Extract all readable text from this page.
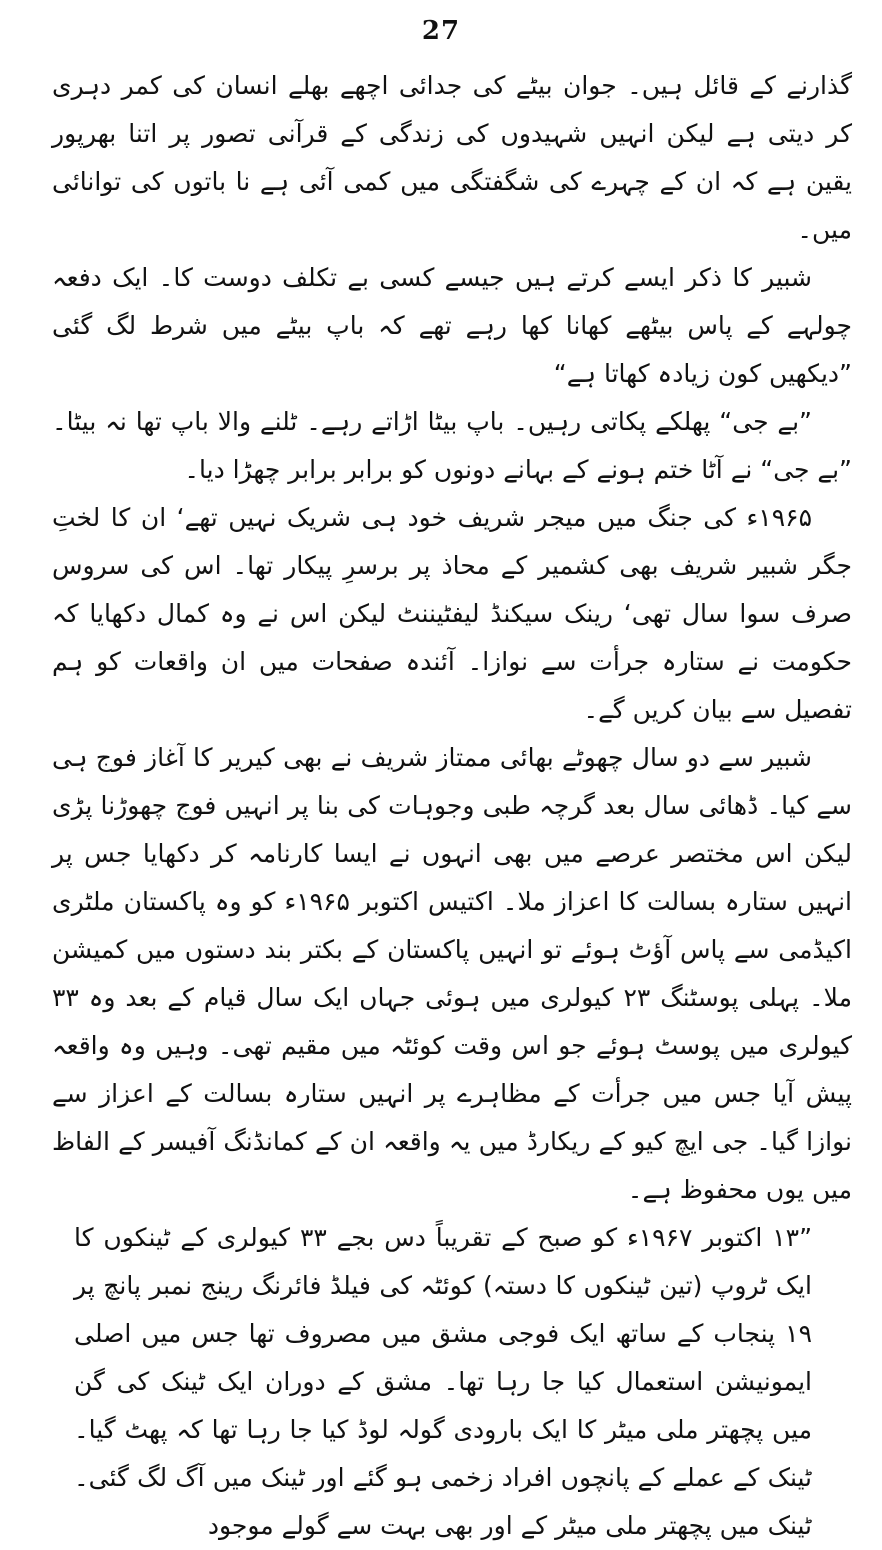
27

گذارنے کے قائل ہیں۔ جوان بیٹے کی جدائی اچھے بھلے انسان کی کمر دہری کر دیتی ہے لیکن انہیں شہیدوں کی زندگی کے قرآنی تصور پر اتنا بھرپور یقین ہے کہ ان کے چہرے کی شگفتگی میں کمی آئی ہے نا باتوں کی توانائی میں۔

شبیر کا ذکر ایسے کرتے ہیں جیسے کسی بے تکلف دوست کا۔ ایک دفعہ چولہے کے پاس بیٹھے کھانا کھا رہے تھے کہ باپ بیٹے میں شرط لگ گئی ”دیکھیں کون زیادہ کھاتا ہے“

”بے جی“ پھلکے پکاتی رہیں۔ باپ بیٹا اڑاتے رہے۔ ٹلنے والا باپ تھا نہ بیٹا۔ ”بے جی“ نے آٹا ختم ہونے کے بہانے دونوں کو برابر برابر چھڑا دیا۔

۱۹۶۵ء کی جنگ میں میجر شریف خود ہی شریک نہیں تھے‘ ان کا لختِ جگر شبیر شریف بھی کشمیر کے محاذ پر برسرِ پیکار تھا۔ اس کی سروس صرف سوا سال تھی‘ رینک سیکنڈ لیفٹیننٹ لیکن اس نے وہ کمال دکھایا کہ حکومت نے ستارہ جرأت سے نوازا۔ آئندہ صفحات میں ان واقعات کو ہم تفصیل سے بیان کریں گے۔

شبیر سے دو سال چھوٹے بھائی ممتاز شریف نے بھی کیریر کا آغاز فوج ہی سے کیا۔ ڈھائی سال بعد گرچہ طبی وجوہات کی بنا پر انہیں فوج چھوڑنا پڑی لیکن اس مختصر عرصے میں بھی انہوں نے ایسا کارنامہ کر دکھایا جس پر انہیں ستارہ بسالت کا اعزاز ملا۔ اکتیس اکتوبر ۱۹۶۵ء کو وہ پاکستان ملٹری اکیڈمی سے پاس آؤٹ ہوئے تو انہیں پاکستان کے بکتر بند دستوں میں کمیشن ملا۔ پہلی پوسٹنگ ۲۳ کیولری میں ہوئی جہاں ایک سال قیام کے بعد وہ ۳۳ کیولری میں پوسٹ ہوئے جو اس وقت کوئٹہ میں مقیم تھی۔ وہیں وہ واقعہ پیش آیا جس میں جرأت کے مظاہرے پر انہیں ستارہ بسالت کے اعزاز سے نوازا گیا۔ جی ایچ کیو کے ریکارڈ میں یہ واقعہ ان کے کمانڈنگ آفیسر کے الفاظ میں یوں محفوظ ہے۔

”۱۳ اکتوبر ۱۹۶۷ء کو صبح کے تقریباً دس بجے ۳۳ کیولری کے ٹینکوں کا ایک ٹروپ (تین ٹینکوں کا دستہ) کوئٹہ کی فیلڈ فائرنگ رینج نمبر پانچ پر ۱۹ پنجاب کے ساتھ ایک فوجی مشق میں مصروف تھا جس میں اصلی ایمونیشن استعمال کیا جا رہا تھا۔ مشق کے دوران ایک ٹینک کی گن میں پچھتر ملی میٹر کا ایک بارودی گولہ لوڈ کیا جا رہا تھا کہ پھٹ گیا۔ ٹینک کے عملے کے پانچوں افراد زخمی ہو گئے اور ٹینک میں آگ لگ گئی۔ ٹینک میں پچھتر ملی میٹر کے اور بھی بہت سے گولے موجود
